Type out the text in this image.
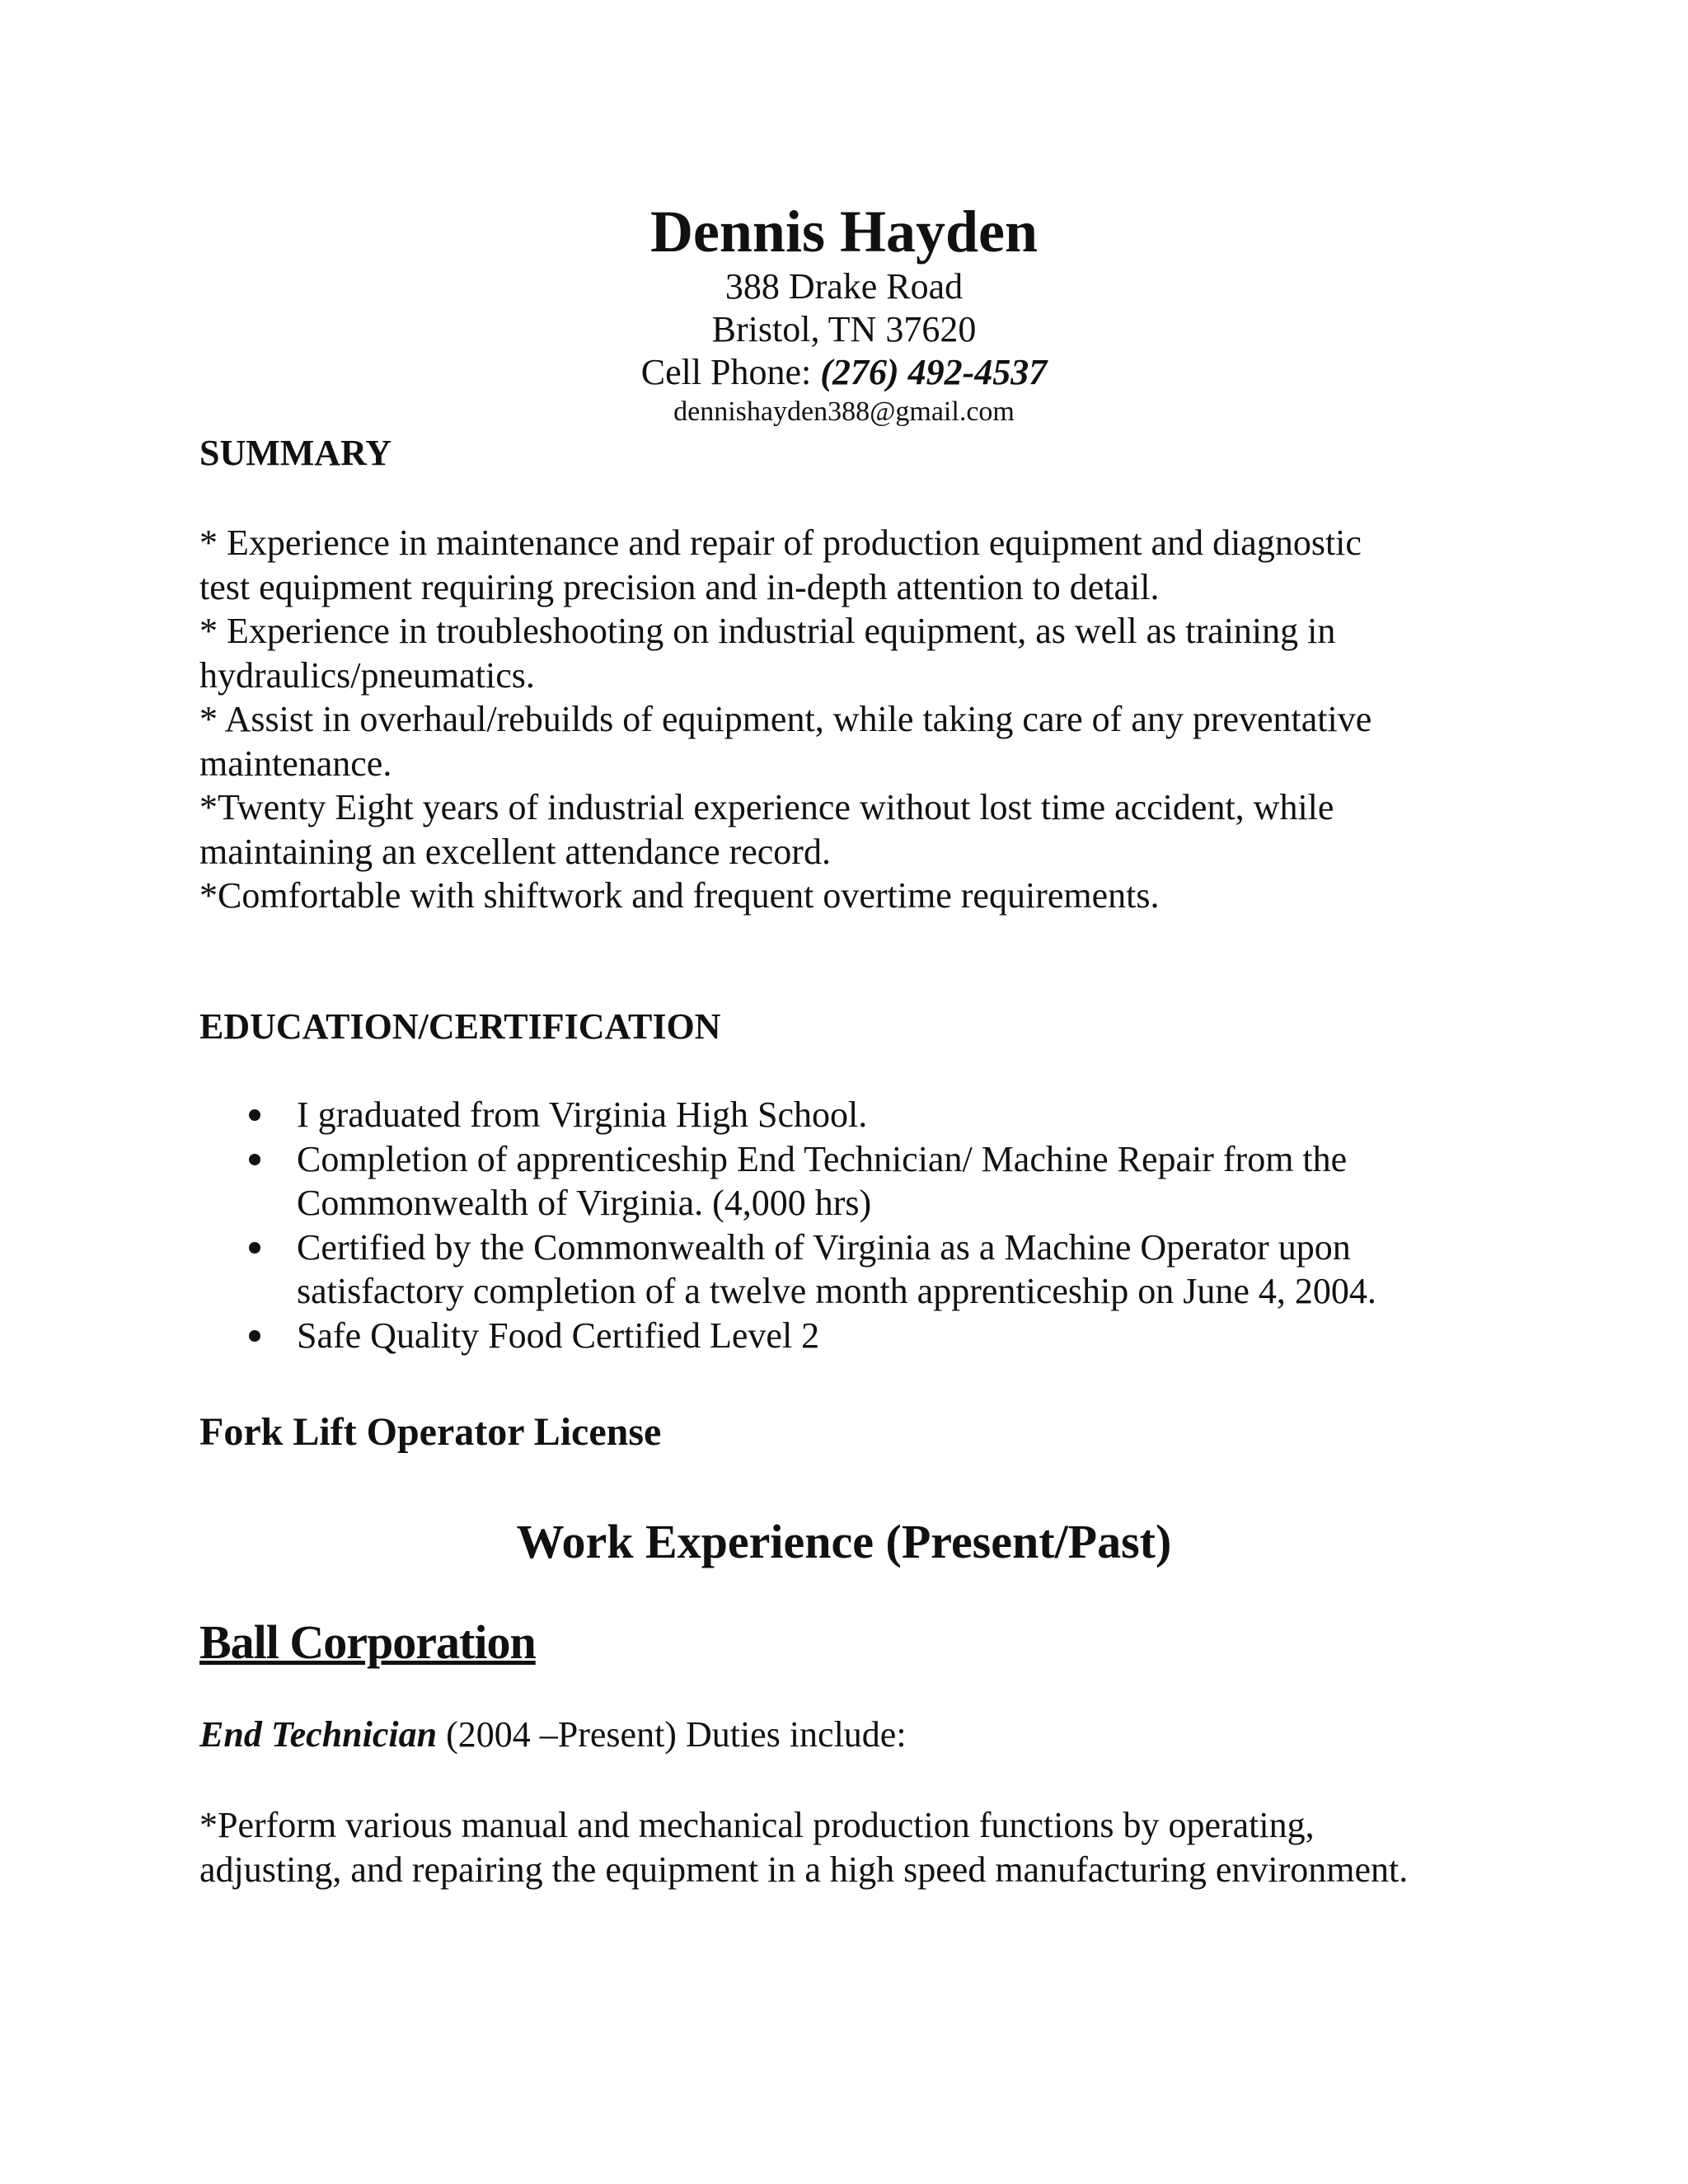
Dennis Hayden
388 Drake Road
Bristol, TN 37620
Cell Phone: (276) 492-4537
dennishayden388@gmail.com
SUMMARY
* Experience in maintenance and repair of production equipment and diagnostic
test equipment requiring precision and in-depth attention to detail.
* Experience in troubleshooting on industrial equipment, as well as training in
hydraulics/pneumatics.
* Assist in overhaul/rebuilds of equipment, while taking care of any preventative
maintenance.
*Twenty Eight years of industrial experience without lost time accident, while
maintaining an excellent attendance record.
*Comfortable with shiftwork and frequent overtime requirements.
EDUCATION/CERTIFICATION
I graduated from Virginia High School.
Completion of apprenticeship End Technician/ Machine Repair from the
Commonwealth of Virginia. (4,000 hrs)
Certified by the Commonwealth of Virginia as a Machine Operator upon
satisfactory completion of a twelve month apprenticeship on June 4, 2004.
Safe Quality Food Certified Level 2
Fork Lift Operator License
Work Experience (Present/Past)
Ball Corporation
End Technician (2004 –Present) Duties include:
*Perform various manual and mechanical production functions by operating,
adjusting, and repairing the equipment in a high speed manufacturing environment.
